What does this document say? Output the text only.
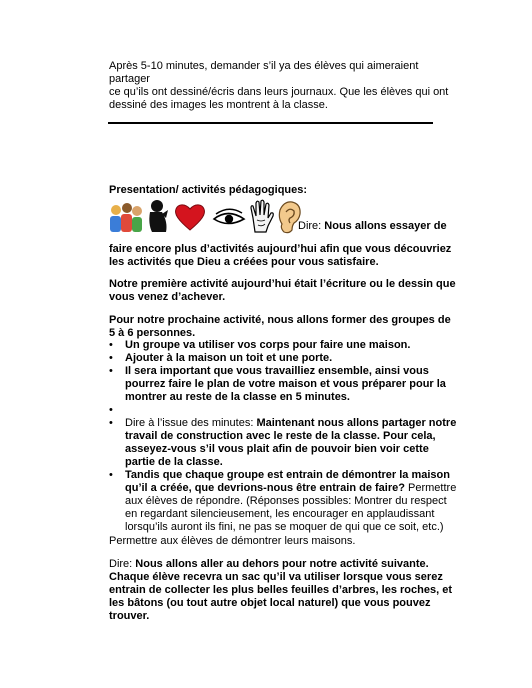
Après 5-10 minutes, demander s’il ya des élèves qui aimeraient partager

ce qu’ils ont dessiné/écris dans leurs journaux. Que les élèves qui ont

dessiné des images les montrent à la classe.

Presentation/ activités pédagogiques:
Dire: Nous allons essayer de
faire encore plus d’activités aujourd’hui afin que vous découvriez les activités que Dieu a créées pour vous satisfaire.
Notre première activité aujourd’hui était l’écriture ou le dessin que vous venez d’achever.
Pour notre prochaine activité, nous allons former des groupes de 5 à 6 personnes.
• Un groupe va utiliser vos corps pour faire une maison.
• Ajouter à la maison un toit et une porte.
• Il sera important que vous travailliez ensemble, ainsi vous pourrez faire le plan de votre maison et vous préparer pour la montrer au reste de la classe en 5 minutes.
•

• Dire à l’issue des minutes: Maintenant nous allons partager notre travail de construction avec le reste de la classe. Pour cela, asseyez-vous s’il vous plait afin de pouvoir bien voir cette partie de la classe.
• Tandis que chaque groupe est entrain de démontrer la maison qu’il a créée, que devrions-nous être entrain de faire? Permettre aux élèves de répondre. (Réponses possibles: Montrer du respect en regardant silencieusement, les encourager en applaudissant lorsqu’ils auront ils fini, ne pas se moquer de qui que ce soit, etc.)
Permettre aux élèves de démontrer leurs maisons.
Dire: Nous allons aller au dehors pour notre activité suivante. Chaque élève recevra un sac qu’il va utiliser lorsque vous serez entrain de collecter les plus belles feuilles d’arbres, les roches, et les bâtons (ou tout autre objet local naturel) que vous pouvez trouver.
